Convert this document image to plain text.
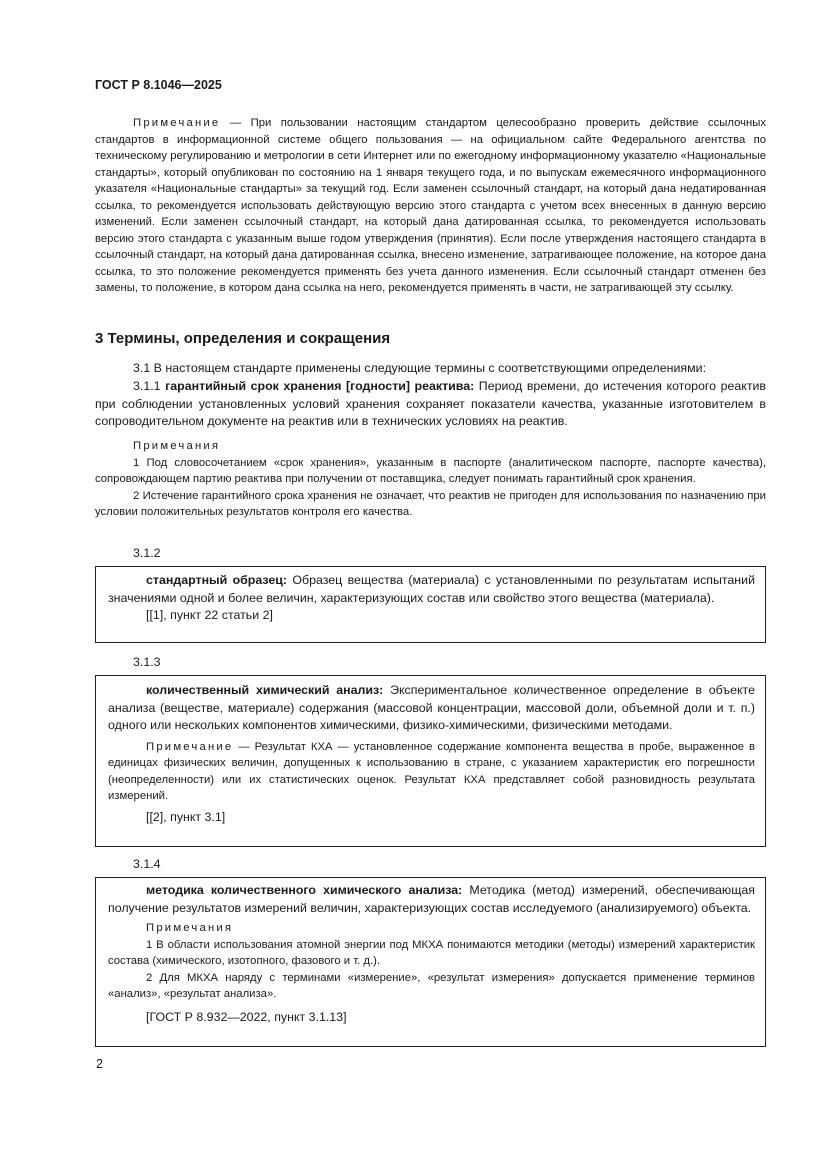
ГОСТ Р 8.1046—2025
Примечание — При пользовании настоящим стандартом целесообразно проверить действие ссылочных стандартов в информационной системе общего пользования — на официальном сайте Федерального агентства по техническому регулированию и метрологии в сети Интернет или по ежегодному информационному указателю «Национальные стандарты», который опубликован по состоянию на 1 января текущего года, и по выпускам ежемесячного информационного указателя «Национальные стандарты» за текущий год. Если заменен ссылочный стандарт, на который дана недатированная ссылка, то рекомендуется использовать действующую версию этого стандарта с учетом всех внесенных в данную версию изменений. Если заменен ссылочный стандарт, на который дана датированная ссылка, то рекомендуется использовать версию этого стандарта с указанным выше годом утверждения (принятия). Если после утверждения настоящего стандарта в ссылочный стандарт, на который дана датированная ссылка, внесено изменение, затрагивающее положение, на которое дана ссылка, то это положение рекомендуется применять без учета данного изменения. Если ссылочный стандарт отменен без замены, то положение, в котором дана ссылка на него, рекомендуется применять в части, не затрагивающей эту ссылку.
3 Термины, определения и сокращения
3.1 В настоящем стандарте применены следующие термины с соответствующими определениями:
3.1.1 гарантийный срок хранения [годности] реактива: Период времени, до истечения которого реактив при соблюдении установленных условий хранения сохраняет показатели качества, указанные изготовителем в сопроводительном документе на реактив или в технических условиях на реактив.
Примечания
1 Под словосочетанием «срок хранения», указанным в паспорте (аналитическом паспорте, паспорте качества), сопровождающем партию реактива при получении от поставщика, следует понимать гарантийный срок хранения.
2 Истечение гарантийного срока хранения не означает, что реактив не пригоден для использования по назначению при условии положительных результатов контроля его качества.
3.1.2
стандартный образец: Образец вещества (материала) с установленными по результатам испытаний значениями одной и более величин, характеризующих состав или свойство этого вещества (материала).
[[1], пункт 22 статьи 2]
3.1.3
количественный химический анализ: Экспериментальное количественное определение в объекте анализа (веществе, материале) содержания (массовой концентрации, массовой доли, объемной доли и т. п.) одного или нескольких компонентов химическими, физико-химическими, физическими методами.
Примечание — Результат КХА — установленное содержание компонента вещества в пробе, выраженное в единицах физических величин, допущенных к использованию в стране, с указанием характеристик его погрешности (неопределенности) или их статистических оценок. Результат КХА представляет собой разновидность результата измерений.
[[2], пункт 3.1]
3.1.4
методика количественного химического анализа: Методика (метод) измерений, обеспечивающая получение результатов измерений величин, характеризующих состав исследуемого (анализируемого) объекта.
Примечания
1 В области использования атомной энергии под МКХА понимаются методики (методы) измерений характеристик состава (химического, изотопного, фазового и т. д.).
2 Для МКХА наряду с терминами «измерение», «результат измерения» допускается применение терминов «анализ», «результат анализа».
[ГОСТ Р 8.932—2022, пункт 3.1.13]
2
